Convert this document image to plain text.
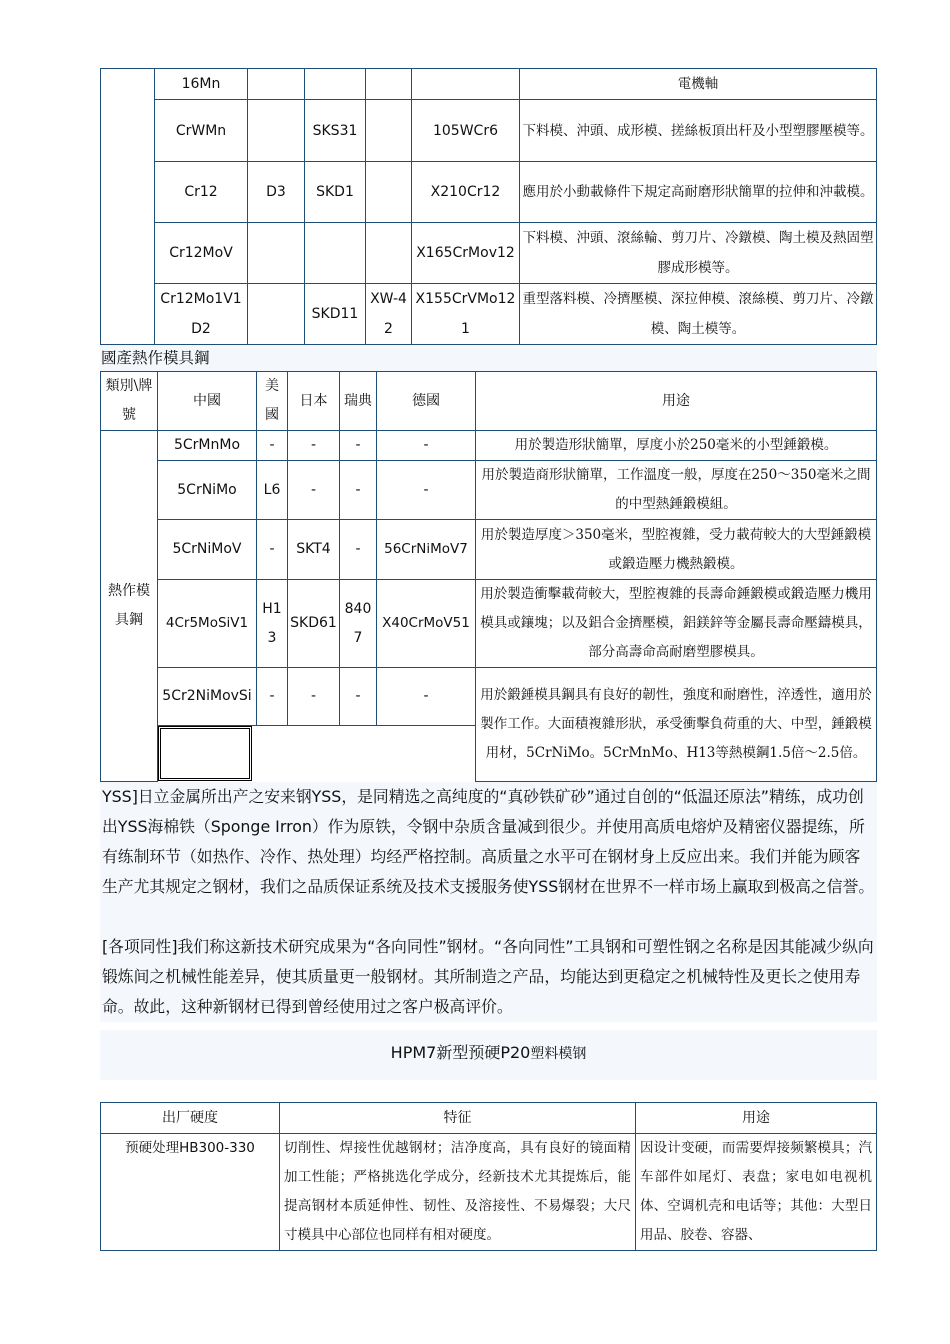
	16Mn					電機軸
	CrWMn		SKS31		105WCr6	下料模、沖頭、成形模、搓絲板頂出杆及小型塑膠壓模等。
	Cr12	D3	SKD1		X210Cr12	應用於小動載條件下規定高耐磨形狀簡單的拉伸和沖載模。
	Cr12MoV				X165CrMov12	下料模、沖頭、滾絲輪、剪刀片、冷鐓模、陶土模及熱固塑膠成形模等。
	Cr12Mo1V1D2		SKD11	XW-42	X155CrVMo121	重型落料模、冷擠壓模、深拉伸模、滾絲模、剪刀片、冷鐓模、陶土模等。
國產熱作模具鋼
類別\牌號	中國	美國	日本	瑞典	德國	用途
熱作模具鋼	5CrMnMo	-	-	-	-	用於製造形狀簡單，厚度小於250毫米的小型錘鍛模。
	5CrNiMo	L6	-	-	-	用於製造商形狀簡單，工作溫度一般，厚度在250～350毫米之間的中型熱錘鍛模組。
	5CrNiMoV	-	SKT4	-	56CrNiMoV7	用於製造厚度＞350毫米，型腔複雜，受力載荷較大的大型錘鍛模或鍛造壓力機熱鍛模。
	4Cr5MoSiV1	H13	SKD61	8407	X40CrMoV51	用於製造衝擊載荷較大，型腔複雜的長壽命錘鍛模或鍛造壓力機用模具或鑲塊；以及鋁合金擠壓模，鋁鎂鋅等金屬長壽命壓鑄模具，部分高壽命高耐磨塑膠模具。
	5Cr2NiMovSi	-	-	-	-	用於鍛錘模具鋼具有良好的韌性，強度和耐磨性，淬透性，適用於製作工作。大面積複雜形狀，承受衝擊負荷重的大、中型，錘鍛模用材，5CrNiMo。5CrMnMo、H13等熱模鋼1.5倍～2.5倍。

YSS]日立金属所出产之安来钢YSS，是同精选之高纯度的“真砂铁矿砂”通过自创的“低温还原法”精练，成功创出YSS海棉铁（Sponge Irron）作为原铁，令钢中杂质含量减到很少。并使用高质电熔炉及精密仪器提练，所有练制环节（如热作、冷作、热处理）均经严格控制。高质量之水平可在钢材身上反应出来。我们并能为顾客生产尤其规定之钢材，我们之品质保证系统及技术支援服务使YSS钢材在世界不一样市场上赢取到极高之信誉。

[各项同性]我们称这新技术研究成果为“各向同性”钢材。“各向同性”工具钢和可塑性钢之名称是因其能减少纵向锻炼间之机械性能差异，使其质量更一般钢材。其所制造之产品，均能达到更稳定之机械特性及更长之使用寿命。故此，这种新钢材已得到曾经使用过之客户极高评价。

HPM7新型预硬P20塑料模钢
出厂硬度	特征	用途
预硬处理HB300-330	切削性、焊接性优越钢材；洁净度高，具有良好的镜面精加工性能；严格挑选化学成分，经新技术尤其提炼后，能提高钢材本质延伸性、韧性、及溶接性、不易爆裂；大尺寸模具中心部位也同样有相对硬度。	因设计变硬，而需要焊接频繁模具；汽车部件如尾灯、表盘；家电如电视机体、空调机壳和电话等；其他：大型日用品、胶卷、容器、
